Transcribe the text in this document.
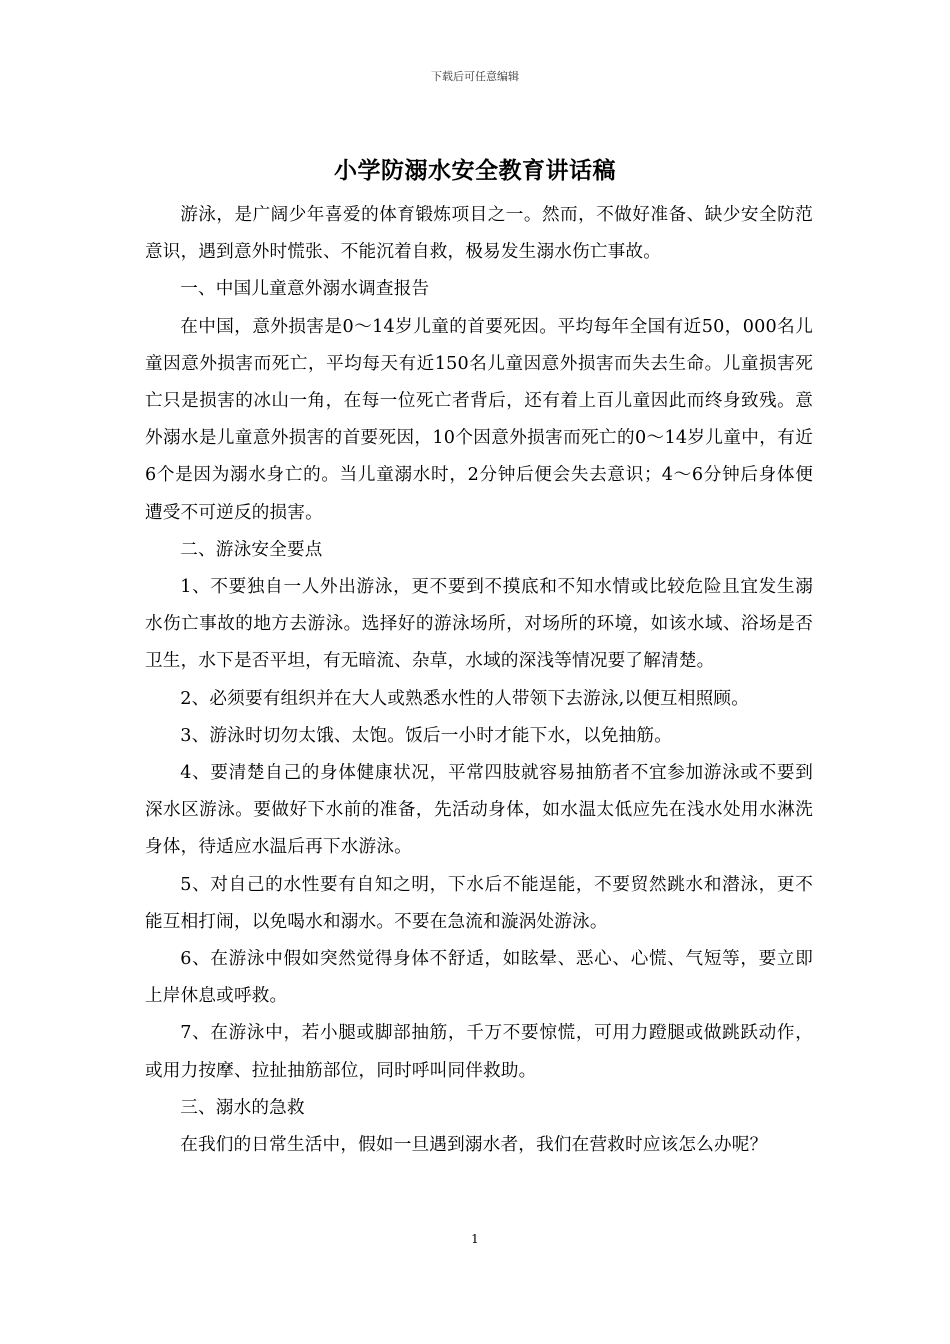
下载后可任意编辑
小学防溺水安全教育讲话稿

游泳，是广阔少年喜爱的体育锻炼项目之一。然而，不做好准备、缺少安全防范意识，遇到意外时慌张、不能沉着自救，极易发生溺水伤亡事故。

一、中国儿童意外溺水调查报告

在中国，意外损害是0～14岁儿童的首要死因。平均每年全国有近50，000名儿童因意外损害而死亡，平均每天有近150名儿童因意外损害而失去生命。儿童损害死亡只是损害的冰山一角，在每一位死亡者背后，还有着上百儿童因此而终身致残。意外溺水是儿童意外损害的首要死因，10个因意外损害而死亡的0～14岁儿童中，有近6个是因为溺水身亡的。当儿童溺水时，2分钟后便会失去意识；4～6分钟后身体便遭受不可逆反的损害。

二、游泳安全要点

1、不要独自一人外出游泳，更不要到不摸底和不知水情或比较危险且宜发生溺水伤亡事故的地方去游泳。选择好的游泳场所，对场所的环境，如该水域、浴场是否卫生，水下是否平坦，有无暗流、杂草，水域的深浅等情况要了解清楚。

2、必须要有组织并在大人或熟悉水性的人带领下去游泳,以便互相照顾。

3、游泳时切勿太饿、太饱。饭后一小时才能下水，以免抽筋。

4、要清楚自己的身体健康状况，平常四肢就容易抽筋者不宜参加游泳或不要到深水区游泳。要做好下水前的准备，先活动身体，如水温太低应先在浅水处用水淋洗身体，待适应水温后再下水游泳。

5、对自己的水性要有自知之明，下水后不能逞能，不要贸然跳水和潜泳，更不能互相打闹，以免喝水和溺水。不要在急流和漩涡处游泳。

6、在游泳中假如突然觉得身体不舒适，如眩晕、恶心、心慌、气短等，要立即上岸休息或呼救。

7、在游泳中，若小腿或脚部抽筋，千万不要惊慌，可用力蹬腿或做跳跃动作，或用力按摩、拉扯抽筋部位，同时呼叫同伴救助。

三、溺水的急救

在我们的日常生活中，假如一旦遇到溺水者，我们在营救时应该怎么办呢？

1
